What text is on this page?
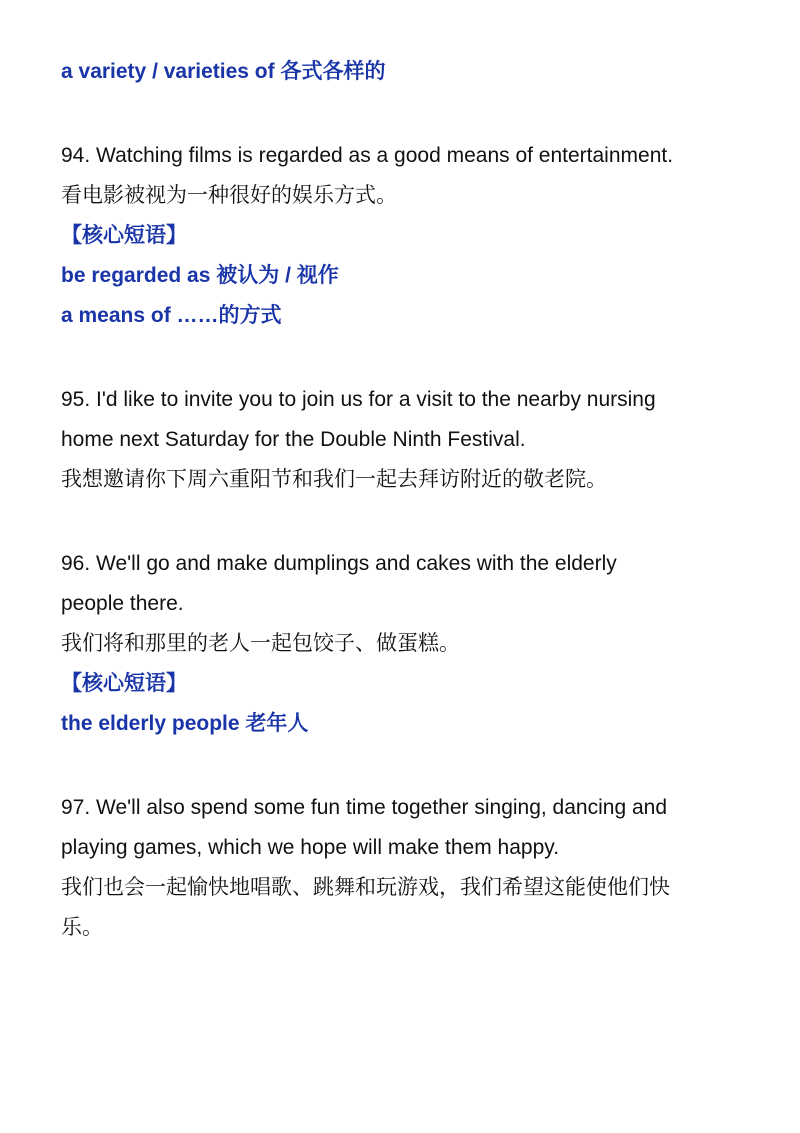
a variety / varieties of 各式各样的

94. Watching films is regarded as a good means of entertainment.

看电影被视为一种很好的娱乐方式。

【核心短语】

be regarded as 被认为 / 视作

a means of ……的方式

95. I'd like to invite you to join us for a visit to the nearby nursing

home next Saturday for the Double Ninth Festival.

我想邀请你下周六重阳节和我们一起去拜访附近的敬老院。

96. We'll go and make dumplings and cakes with the elderly

people there.

我们将和那里的老人一起包饺子、做蛋糕。

【核心短语】

the elderly people 老年人

97. We'll also spend some fun time together singing, dancing and

playing games, which we hope will make them happy.

我们也会一起愉快地唱歌、跳舞和玩游戏，我们希望这能使他们快

乐。
